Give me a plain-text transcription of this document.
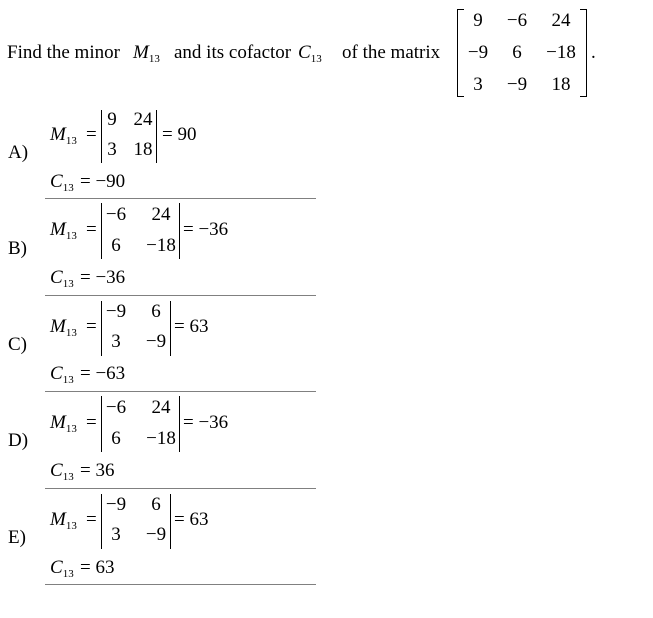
Find the minor $M_{13}$ and its cofactor $C_{13}$ of the matrix
9	−6	24
−9	6	−18
3	−9	18
.
A)
$M_{13}$ =
9 24
3 18
= 90
$C_{13} = -90$
B)
$M_{13}$ =
−6	24
6	−18
= −36
$C_{13} = -36$
C)
$M_{13}$ =
−9	6
3	−9
= 63
$C_{13} = -63$
D)
$M_{13}$ =
−6	24
6	−18
= −36
$C_{13} = 36$
E)
$M_{13}$ =
−9	6
3	−9
= 63
$C_{13} = 63$
